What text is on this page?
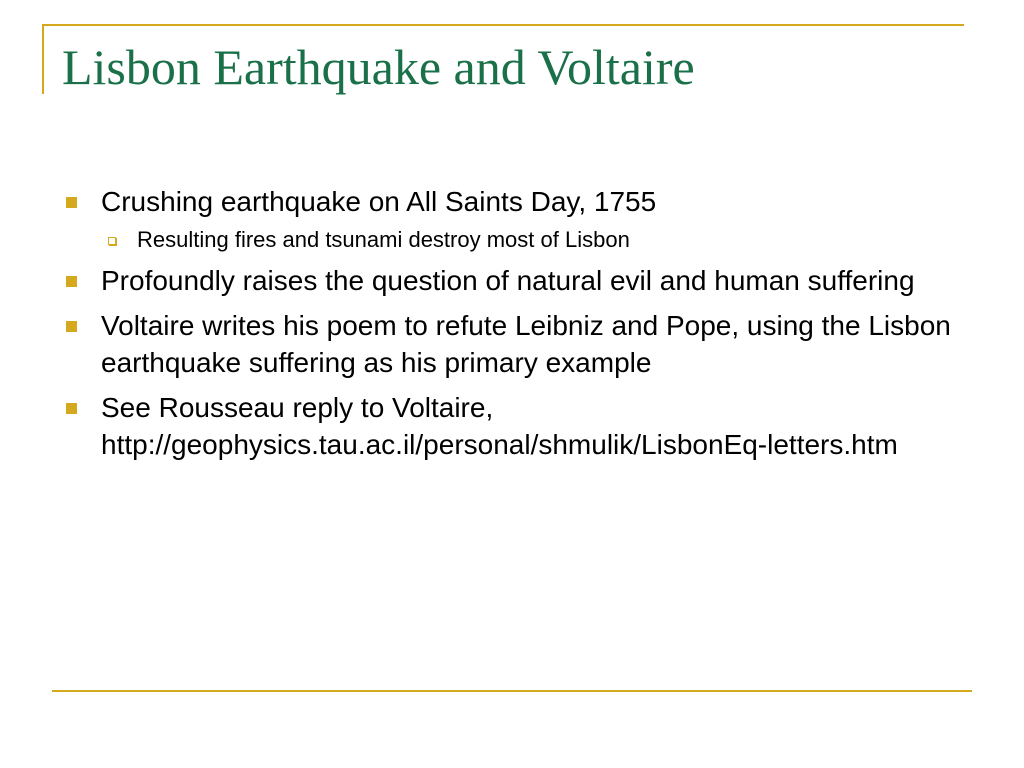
Lisbon Earthquake and Voltaire
Crushing earthquake on All Saints Day, 1755
Resulting fires and tsunami destroy most of Lisbon
Profoundly raises the question of natural evil and human suffering
Voltaire writes his poem to refute Leibniz and Pope, using the Lisbon earthquake suffering as his primary example
See Rousseau reply to Voltaire, http://geophysics.tau.ac.il/personal/shmulik/LisbonEq-letters.htm
